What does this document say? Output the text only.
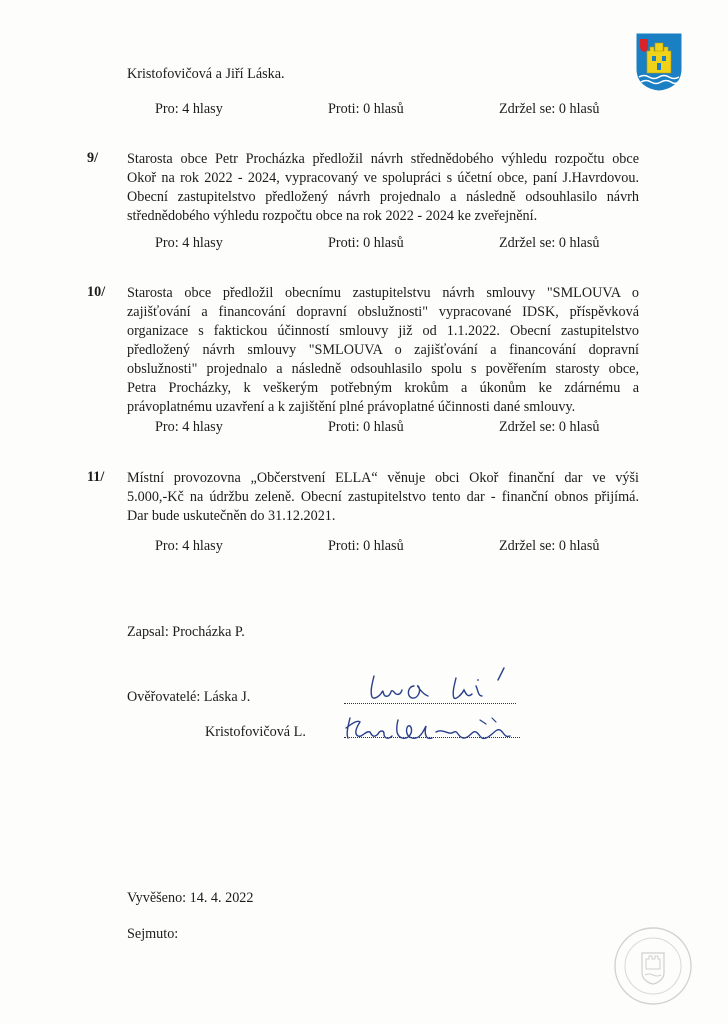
Kristofovičová a Jiří Láska.
Pro: 4 hlasy	Proti: 0 hlasů	Zdržel se: 0 hlasů
9/ Starosta obce Petr Procházka předložil návrh střednědobého výhledu rozpočtu obce
Okoř na rok 2022 - 2024, vypracovaný ve spolupráci s účetní obce, paní J.Havrdovou.
Obecní zastupitelstvo předložený návrh projednalo a následně odsouhlasilo návrh
střednědobého výhledu rozpočtu obce na rok 2022 - 2024 ke zveřejnění.
Pro: 4 hlasy	Proti: 0 hlasů	Zdržel se: 0 hlasů
10/ Starosta obce předložil obecnímu zastupitelstvu návrh smlouvy "SMLOUVA o
zajišťování a financování dopravní obslužnosti" vypracované IDSK, příspěvková
organizace s faktickou účinností smlouvy již od 1.1.2022. Obecní zastupitelstvo
předložený návrh smlouvy "SMLOUVA o zajišťování a financování dopravní
obslužnosti" projednalo a následně odsouhlasilo spolu s pověřením starosty obce,
Petra Procházky, k veškerým potřebným krokům a úkonům ke zdárnému a
právoplatnému uzavření a k zajištění plné právoplatné účinnosti dané smlouvy.
Pro: 4 hlasy	Proti: 0 hlasů	Zdržel se: 0 hlasů
11/ Místní provozovna „Občerstvení ELLA“ věnuje obci Okoř finanční dar ve výši
5.000,-Kč na údržbu zeleně. Obecní zastupitelstvo tento dar - finanční obnos přijímá.
Dar bude uskutečněn do 31.12.2021.
Pro: 4 hlasy	Proti: 0 hlasů	Zdržel se: 0 hlasů
Zapsal: Procházka P.
Ověřovatelé: Láska J.
Kristofovičová L.
Vyvěšeno: 14. 4. 2022
Sejmuto:
